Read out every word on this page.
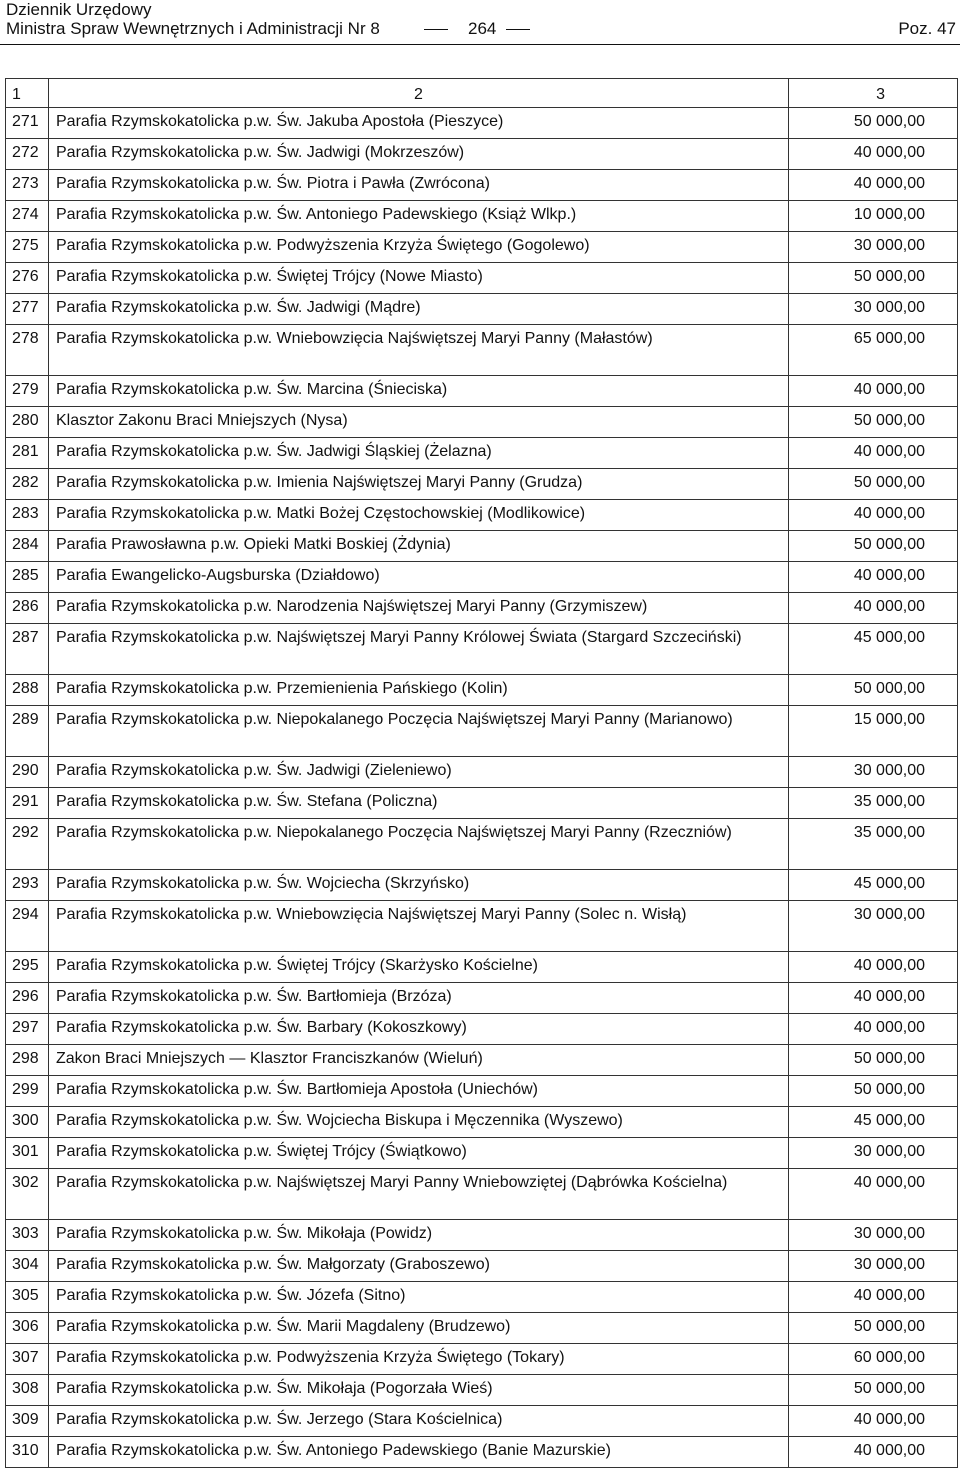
Dziennik Urzędowy
Ministra Spraw Wewnętrznych i Administracji Nr 8	264	Poz. 47
1	2	3
271	Parafia Rzymskokatolicka p.w. Św. Jakuba Apostoła (Pieszyce)	50 000,00
272	Parafia Rzymskokatolicka p.w. Św. Jadwigi (Mokrzeszów)	40 000,00
273	Parafia Rzymskokatolicka p.w. Św. Piotra i Pawła (Zwrócona)	40 000,00
274	Parafia Rzymskokatolicka p.w. Św. Antoniego Padewskiego (Książ Wlkp.)	10 000,00
275	Parafia Rzymskokatolicka p.w. Podwyższenia Krzyża Świętego (Gogolewo)	30 000,00
276	Parafia Rzymskokatolicka p.w. Świętej Trójcy (Nowe Miasto)	50 000,00
277	Parafia Rzymskokatolicka p.w. Św. Jadwigi (Mądre)	30 000,00
278	Parafia Rzymskokatolicka p.w. Wniebowzięcia Najświętszej Maryi Panny (Małastów)	65 000,00
279	Parafia Rzymskokatolicka p.w. Św. Marcina (Śnieciska)	40 000,00
280	Klasztor Zakonu Braci Mniejszych (Nysa)	50 000,00
281	Parafia Rzymskokatolicka p.w. Św. Jadwigi Śląskiej (Żelazna)	40 000,00
282	Parafia Rzymskokatolicka p.w. Imienia Najświętszej Maryi Panny (Grudza)	50 000,00
283	Parafia Rzymskokatolicka p.w. Matki Bożej Częstochowskiej (Modlikowice)	40 000,00
284	Parafia Prawosławna p.w. Opieki Matki Boskiej (Żdynia)	50 000,00
285	Parafia Ewangelicko-Augsburska (Działdowo)	40 000,00
286	Parafia Rzymskokatolicka p.w. Narodzenia Najświętszej Maryi Panny (Grzymiszew)	40 000,00
287	Parafia Rzymskokatolicka p.w. Najświętszej Maryi Panny Królowej Świata (Stargard Szczeciński)	45 000,00
288	Parafia Rzymskokatolicka p.w. Przemienienia Pańskiego (Kolin)	50 000,00
289	Parafia Rzymskokatolicka p.w. Niepokalanego Poczęcia Najświętszej Maryi Panny (Marianowo)	15 000,00
290	Parafia Rzymskokatolicka p.w. Św. Jadwigi (Zieleniewo)	30 000,00
291	Parafia Rzymskokatolicka p.w. Św. Stefana (Policzna)	35 000,00
292	Parafia Rzymskokatolicka p.w. Niepokalanego Poczęcia Najświętszej Maryi Panny (Rzeczniów)	35 000,00
293	Parafia Rzymskokatolicka p.w. Św. Wojciecha (Skrzyńsko)	45 000,00
294	Parafia Rzymskokatolicka p.w. Wniebowzięcia Najświętszej Maryi Panny (Solec n. Wisłą)	30 000,00
295	Parafia Rzymskokatolicka p.w. Świętej Trójcy (Skarżysko Kościelne)	40 000,00
296	Parafia Rzymskokatolicka p.w. Św. Bartłomieja (Brzóza)	40 000,00
297	Parafia Rzymskokatolicka p.w. Św. Barbary (Kokoszkowy)	40 000,00
298	Zakon Braci Mniejszych — Klasztor Franciszkanów (Wieluń)	50 000,00
299	Parafia Rzymskokatolicka p.w. Św. Bartłomieja Apostoła (Uniechów)	50 000,00
300	Parafia Rzymskokatolicka p.w. Św. Wojciecha Biskupa i Męczennika (Wyszewo)	45 000,00
301	Parafia Rzymskokatolicka p.w. Świętej Trójcy (Świątkowo)	30 000,00
302	Parafia Rzymskokatolicka p.w. Najświętszej Maryi Panny Wniebowziętej (Dąbrówka Kościelna)	40 000,00
303	Parafia Rzymskokatolicka p.w. Św. Mikołaja (Powidz)	30 000,00
304	Parafia Rzymskokatolicka p.w. Św. Małgorzaty (Graboszewo)	30 000,00
305	Parafia Rzymskokatolicka p.w. Św. Józefa (Sitno)	40 000,00
306	Parafia Rzymskokatolicka p.w. Św. Marii Magdaleny (Brudzewo)	50 000,00
307	Parafia Rzymskokatolicka p.w. Podwyższenia Krzyża Świętego (Tokary)	60 000,00
308	Parafia Rzymskokatolicka p.w. Św. Mikołaja (Pogorzała Wieś)	50 000,00
309	Parafia Rzymskokatolicka p.w. Św. Jerzego (Stara Kościelnica)	40 000,00
310	Parafia Rzymskokatolicka p.w. Św. Antoniego Padewskiego (Banie Mazurskie)	40 000,00
